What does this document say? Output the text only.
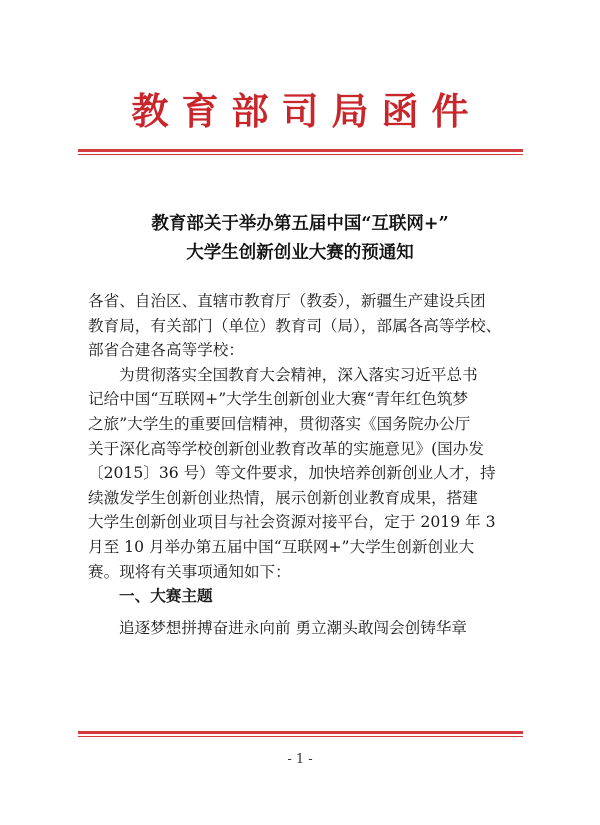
教育部司局函件
教育部关于举办第五届中国“互联网+”
大学生创新创业大赛的预通知
各省、自治区、直辖市教育厅（教委），新疆生产建设兵团
教育局，有关部门（单位）教育司（局），部属各高等学校、
部省合建各高等学校：
为贯彻落实全国教育大会精神，深入落实习近平总书
记给中国“互联网+”大学生创新创业大赛“青年红色筑梦
之旅”大学生的重要回信精神，贯彻落实《国务院办公厅
关于深化高等学校创新创业教育改革的实施意见》(国办发
〔2015〕36 号）等文件要求，加快培养创新创业人才，持
续激发学生创新创业热情，展示创新创业教育成果，搭建
大学生创新创业项目与社会资源对接平台，定于 2019 年 3
月至 10 月举办第五届中国“互联网+”大学生创新创业大
赛。现将有关事项通知如下：
一、大赛主题
追逐梦想拼搏奋进永向前 勇立潮头敢闯会创铸华章
- 1 -
